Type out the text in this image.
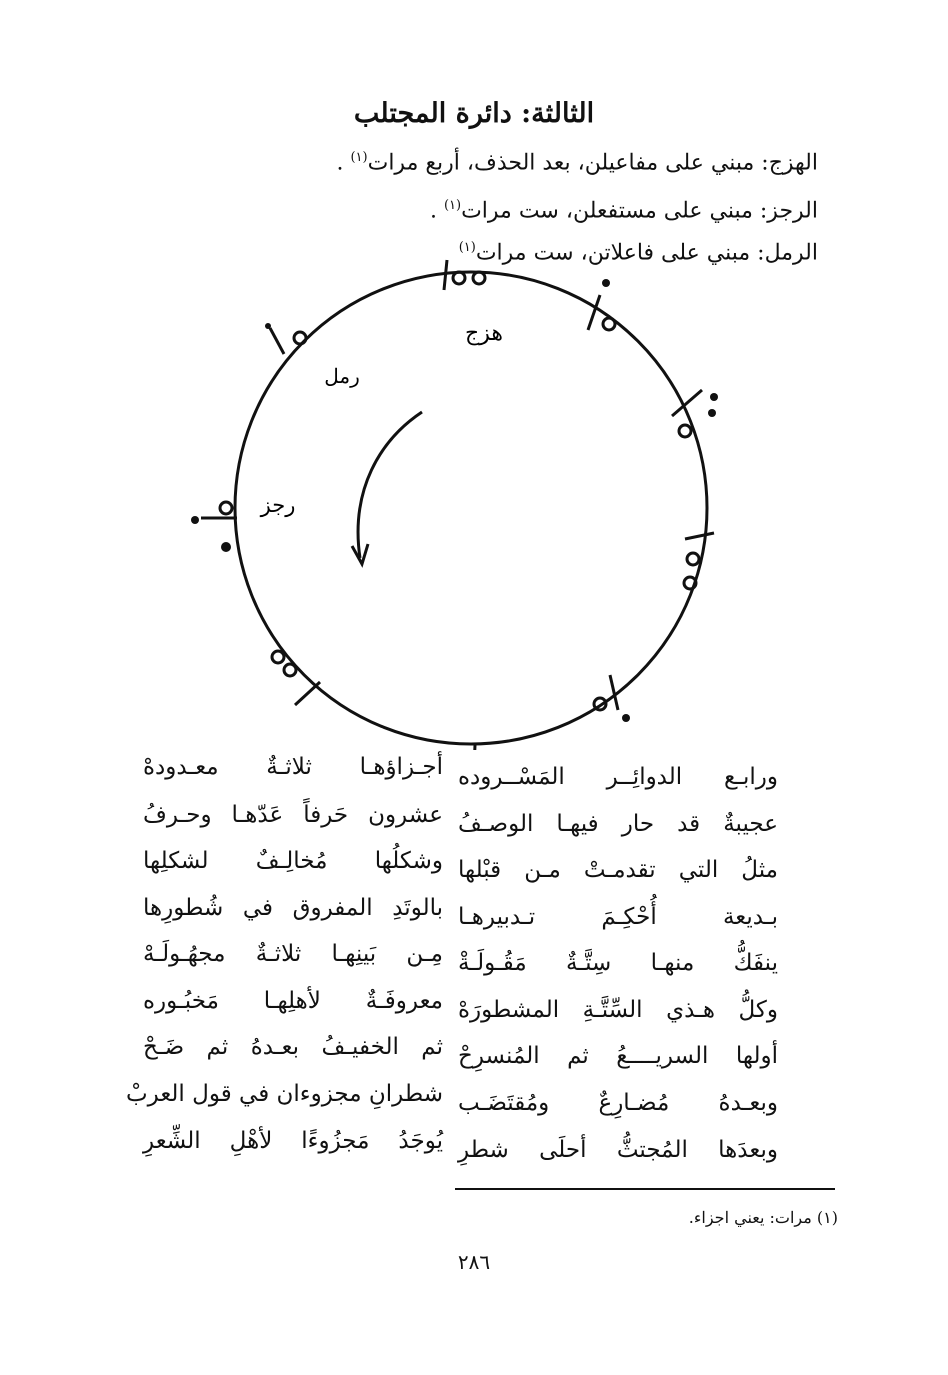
الثالثة: دائرة المجتلب
الهزج: مبني على مفاعيلن، بعد الحذف، أربع مرات$^{(١)}$ .
الرجز: مبني على مستفعلن، ست مرات$^{(١)}$ .
الرمل: مبني على فاعلاتن، ست مرات$^{(١)}$
هزج
رمل
رجز
ورابـع الدوائِــر المَسْــروده
عجيبةٌ قد حار فيهـا الوصـفُ
مثلُ التي تقدمـتْ مـن قبْلها
بـديعة أُحْكِـمَ تـدبيرهـا
ينفَكُّ منهـا سِتَّـةٌ مَقُـولَـةْ
وكلُّ هـذي السِّتَّـةِ المشطورَهْ
أولها السريــــعُ ثم المُنسرِحْ
وبعـدهُ مُضـارِعٌ ومُقتَضَـب
وبعدَها المُجتثُّ أحلَى شطرِ
أجـزاؤهـا ثلاثـةٌ معـدودهْ
عشرون حَرفاً عَدّهـا وحـرفُ
وشكلُها مُخالِـفٌ لشكلِها
بالوتَدِ المفروق في شُطورِها
مِـن بَينِهـا ثلاثـةٌ مجهُـولَـهْ
معروفَـةٌ لأهلِهـا مَخبُـوره
ثم الخفيـفُ بعـدهُ ثم ضَـحْ
شطرانِ مجزوءان في قول العربْ
يُوجَدُ مَجزُوءًا لأهْلِ الشِّعرِ
(١) مرات: يعني اجزاء.
٢٨٦
